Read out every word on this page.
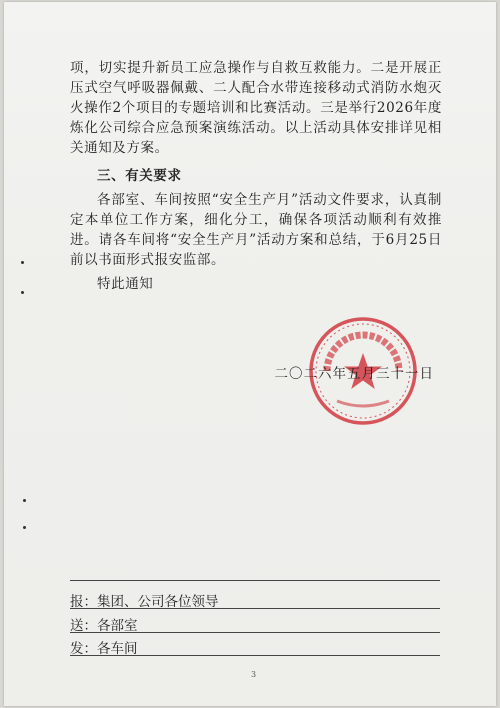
项，切实提升新员工应急操作与自救互救能力。二是开展正压式空气呼吸器佩戴、二人配合水带连接移动式消防水炮灭火操作2个项目的专题培训和比赛活动。三是举行2026年度炼化公司综合应急预案演练活动。以上活动具体安排详见相关通知及方案。

三、有关要求

各部室、车间按照“安全生产月”活动文件要求，认真制定本单位工作方案，细化分工，确保各项活动顺利有效推进。请各车间将“安全生产月”活动方案和总结，于6月25日前以书面形式报安监部。

特此通知

二〇二六年五月三十一日
报：集团、公司各位领导
送：各部室
发：各车间
3
